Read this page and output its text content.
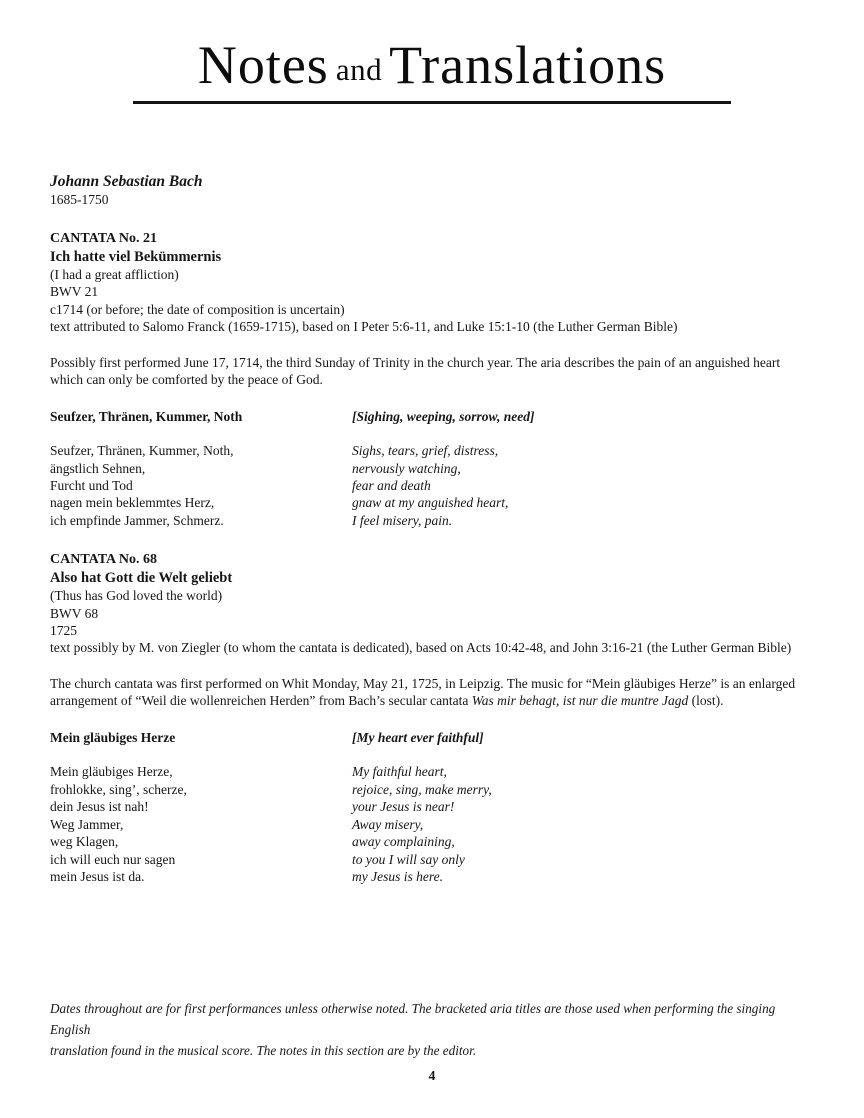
Notes and Translations

Johann Sebastian Bach

1685-1750

CANTATA No. 21

Ich hatte viel Bekümmernis

(I had a great affliction)

BWV 21

c1714 (or before; the date of composition is uncertain)

text attributed to Salomo Franck (1659-1715), based on I Peter 5:6-11, and Luke 15:1-10 (the Luther German Bible)

Possibly first performed June 17, 1714, the third Sunday of Trinity in the church year. The aria describes the pain of an anguished heart

which can only be comforted by the peace of God.

Seufzer, Thränen, Kummer, Noth	[Sighing, weeping, sorrow, need]
Seufzer, Thränen, Kummer, Noth,
ängstlich Sehnen,
Furcht und Tod
nagen mein beklemmtes Herz,
ich empfinde Jammer, Schmerz.
Sighs, tears, grief, distress,
nervously watching,
fear and death
gnaw at my anguished heart,
I feel misery, pain.

CANTATA No. 68

Also hat Gott die Welt geliebt

(Thus has God loved the world)

BWV 68

1725

text possibly by M. von Ziegler (to whom the cantata is dedicated), based on Acts 10:42-48, and John 3:16-21 (the Luther German Bible)

The church cantata was first performed on Whit Monday, May 21, 1725, in Leipzig. The music for “Mein gläubiges Herze” is an enlarged

arrangement of “Weil die wollenreichen Herden” from Bach’s secular cantata Was mir behagt, ist nur die muntre Jagd (lost).

Mein gläubiges Herze	[My heart ever faithful]
Mein gläubiges Herze,
frohlokke, sing’, scherze,
dein Jesus ist nah!
Weg Jammer,
weg Klagen,
ich will euch nur sagen
mein Jesus ist da.
My faithful heart,
rejoice, sing, make merry,
your Jesus is near!
Away misery,
away complaining,
to you I will say only
my Jesus is here.
Dates throughout are for first performances unless otherwise noted. The bracketed aria titles are those used when performing the singing English
translation found in the musical score. The notes in this section are by the editor.
4
